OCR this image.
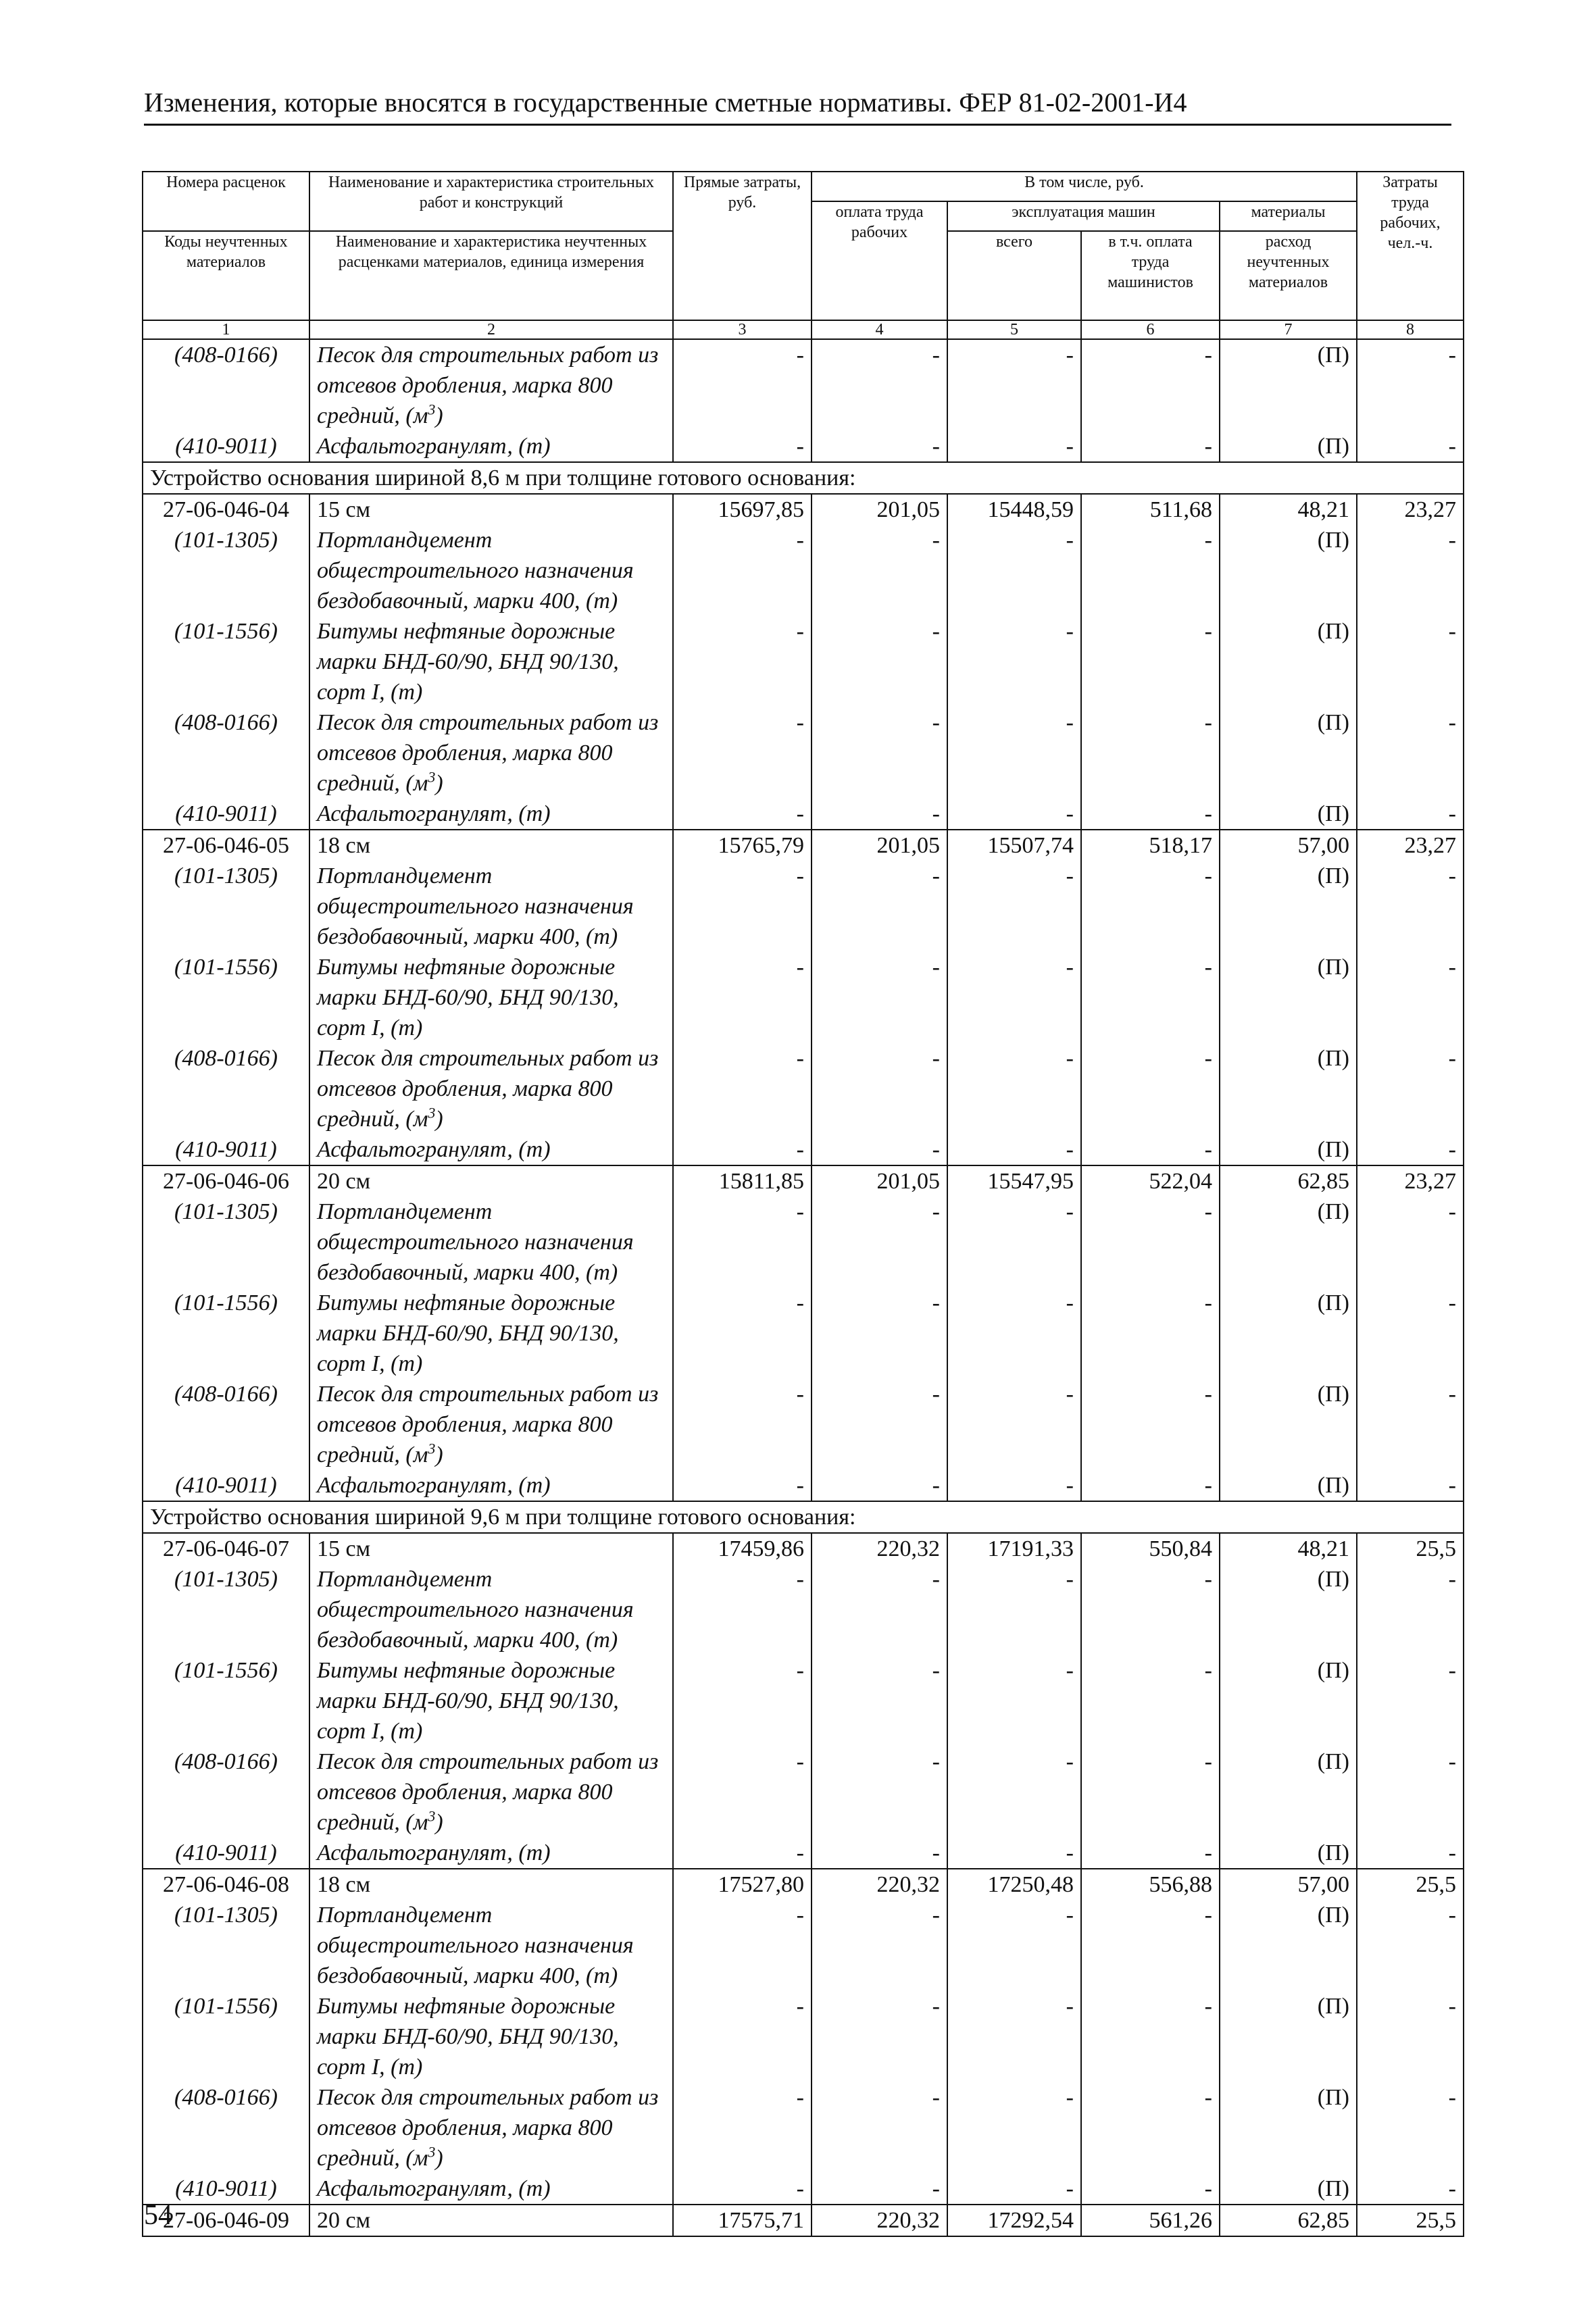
Изменения, которые вносятся в государственные сметные нормативы. ФЕР 81-02-2001-И4
Номера расценок	Наименование и характеристика строительных работ и конструкций	Прямые затраты, руб.	В том числе, руб.				Затраты труда рабочих, чел.-ч.
			оплата труда рабочих	эксплуатация машин		материалы	
Коды неучтенных материалов	Наименование и характеристика неучтенных расценками материалов, единица измерения			всего	в т.ч. оплата труда машинистов	расход неучтенных материалов	

1	2	3	4	5	6	7	8
(408-0166)	Песок для строительных работ из отсевов дробления, марка 800 средний, $(м^3)$	-	-	-	-	(П)	-
(410-9011)	Асфальтогранулят, (т)	-	-	-	-	(П)	-
Устройство основания шириной 8,6 м при толщине готового основания:							
27-06-046-04	15 см	15697,85	201,05	15448,59	511,68	48,21	23,27
(101-1305)	Портландцемент общестроительного назначения бездобавочный, марки 400, (т)	-	-	-	-	(П)	-
(101-1556)	Битумы нефтяные дорожные марки БНД-60/90, БНД 90/130, сорт I, (т)	-	-	-	-	(П)	-
(408-0166)	Песок для строительных работ из отсевов дробления, марка 800 средний, $(м^3)$	-	-	-	-	(П)	-
(410-9011)	Асфальтогранулят, (т)	-	-	-	-	(П)	-
27-06-046-05	18 см	15765,79	201,05	15507,74	518,17	57,00	23,27
(101-1305)	Портландцемент общестроительного назначения бездобавочный, марки 400, (т)	-	-	-	-	(П)	-
(101-1556)	Битумы нефтяные дорожные марки БНД-60/90, БНД 90/130, сорт I, (т)	-	-	-	-	(П)	-
(408-0166)	Песок для строительных работ из отсевов дробления, марка 800 средний, $(м^3)$	-	-	-	-	(П)	-
(410-9011)	Асфальтогранулят, (т)	-	-	-	-	(П)	-
27-06-046-06	20 см	15811,85	201,05	15547,95	522,04	62,85	23,27
(101-1305)	Портландцемент общестроительного назначения бездобавочный, марки 400, (т)	-	-	-	-	(П)	-
(101-1556)	Битумы нефтяные дорожные марки БНД-60/90, БНД 90/130, сорт I, (т)	-	-	-	-	(П)	-
(408-0166)	Песок для строительных работ из отсевов дробления, марка 800 средний, $(м^3)$	-	-	-	-	(П)	-
(410-9011)	Асфальтогранулят, (т)	-	-	-	-	(П)	-
Устройство основания шириной 9,6 м при толщине готового основания:							
27-06-046-07	15 см	17459,86	220,32	17191,33	550,84	48,21	25,5
(101-1305)	Портландцемент общестроительного назначения бездобавочный, марки 400, (т)	-	-	-	-	(П)	-
(101-1556)	Битумы нефтяные дорожные марки БНД-60/90, БНД 90/130, сорт I, (т)	-	-	-	-	(П)	-
(408-0166)	Песок для строительных работ из отсевов дробления, марка 800 средний, $(м^3)$	-	-	-	-	(П)	-
(410-9011)	Асфальтогранулят, (т)	-	-	-	-	(П)	-
27-06-046-08	18 см	17527,80	220,32	17250,48	556,88	57,00	25,5
(101-1305)	Портландцемент общестроительного назначения бездобавочный, марки 400, (т)	-	-	-	-	(П)	-
(101-1556)	Битумы нефтяные дорожные марки БНД-60/90, БНД 90/130, сорт I, (т)	-	-	-	-	(П)	-
(408-0166)	Песок для строительных работ из отсевов дробления, марка 800 средний, $(м^3)$	-	-	-	-	(П)	-
(410-9011)	Асфальтогранулят, (т)	-	-	-	-	(П)	-
27-06-046-09	20 см	17575,71	220,32	17292,54	561,26	62,85	25,5
54
